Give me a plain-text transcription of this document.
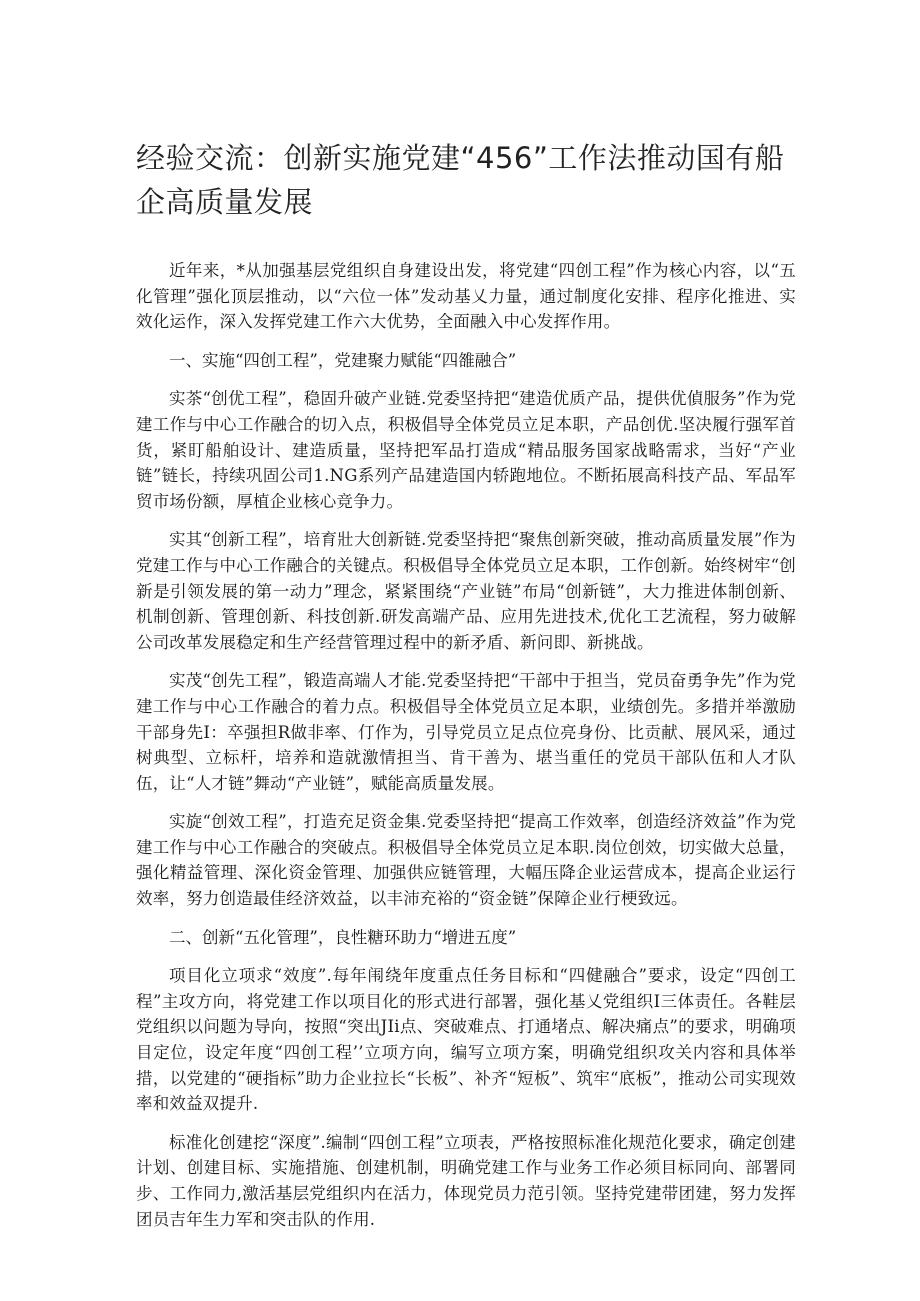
经验交流：创新实施党建“456”工作法推动国有船企高质量发展

近年来，*从加强基层党组织自身建设出发，将党建“四创工程”作为核心内容，以“五化管理”强化顶层推动，以“六位一体”发动基乂力量，通过制度化安排、程序化推进、实效化运作，深入发挥党建工作六大优势，全面融入中心发挥作用。

一、实施“四创工程”，党建聚力赋能“四雒融合”

实茶“创优工程”，稳固升破产业链.党委坚持把“建造优质产品，提供优偵服务”作为党建工作与中心工作融合的切入点，积极倡导全体党员立足本职，产品创优.坚决履行强军首货，紧盯船舶设计、建造质量，坚持把军品打造成“精品服务国家战略需求，当好“产业链”链长，持续巩固公司1.NG系列产品建造国内轿跑地位。不断拓展高科技产品、军品军贸市场份额，厚植企业核心竞争力。

实其“创新工程”，培育壯大创新链.党委坚持把“聚焦创新突破，推动高质量发展”作为党建工作与中心工作融合的关键点。积极倡导全体党员立足本职，工作创新。始终树牢“创新是引领发展的第一动力”理念，紧紧围绕“产业链”布局“创新链”，大力推进体制创新、机制创新、管理创新、科技创新.研发高端产品、应用先进技术,优化工艺流程，努力破解公司改革发展稳定和生产经营管理过程中的新矛盾、新问即、新挑战。

实茂“创先工程”，锻造高端人才能.党委坚持把“干部中于担当，党员奋勇争先”作为党建工作与中心工作融合的着力点。积极倡导全体党员立足本职，业绩创先。多措并举激励干部身先I：卒强担R做非率、仃作为，引导党员立足点位亮身份、比贡献、展风采，通过树典型、立标杆，培养和造就激情担当、肯干善为、堪当重任的党员干部队伍和人才队伍，让“人才链”舞动“产业链”，赋能高质量发展。

实旋“创效工程”，打造充足资金集.党委坚持把“提高工作效率，创造经济效益”作为党建工作与中心工作融合的突破点。积极倡导全体党员立足本职.岗位创效，切实做大总量，强化精益管理、深化资金管理、加强供应链管理，大幅压降企业运营成本，提高企业运行效率，努力创造最佳经济效益，以丰沛充裕的“资金链”保障企业行梗致远。

二、创新“五化管理”，良性糖环助力“增进五度”

项目化立项求“效度”.每年闱绕年度重点任务目标和“四健融合”要求，设定“四创工程”主攻方向，将党建工作以项目化的形式进行部署，强化基乂党组织I三体责任。各鞋层党组织以问题为导向，按照“突出JIi点、突破难点、打通堵点、解决痛点”的要求，明确项目定位，设定年度“四创工程’’立项方向，编写立项方案，明确党组织攻关内容和具体举措，以党建的“硬指标”助力企业拉长“长板”、补齐“短板”、筑牢“底板”，推动公司实现效率和效益双提升.

标准化创建挖“深度”.编制“四创工程”立项表，严格按照标准化规范化要求，确定创建计划、创建目标、实施措施、创建机制，明确党建工作与业务工作必须目标同向、部署同步、工作同力,激活基层党组织内在活力，体现党员力范引领。坚持党建带团建，努力发挥团员吉年生力军和突击队的作用.
